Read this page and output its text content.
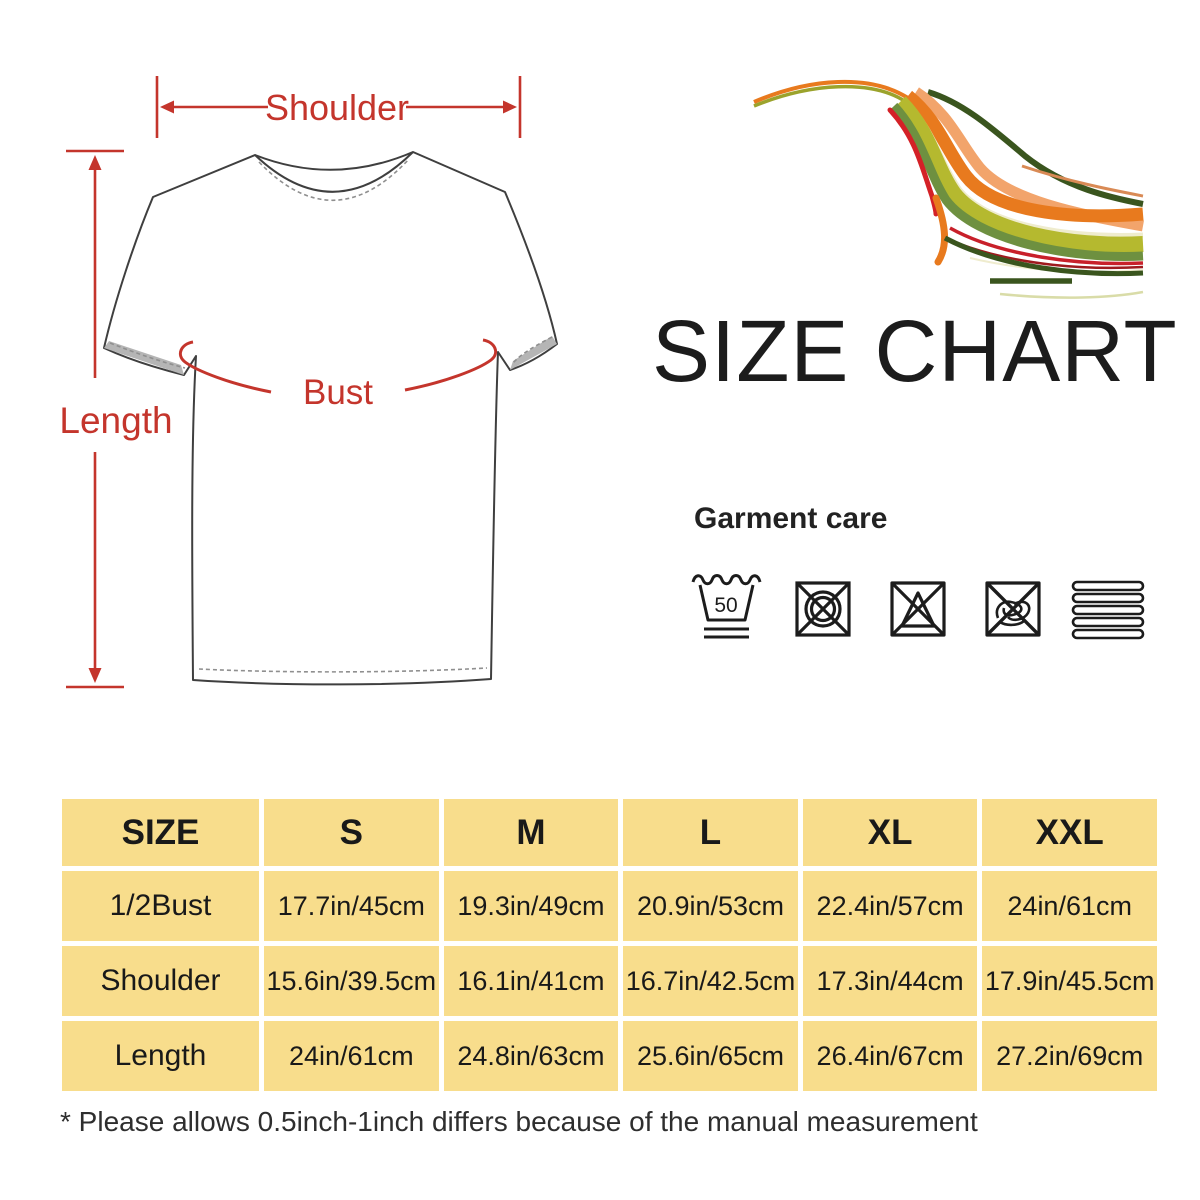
Shoulder
Length
Bust	SIZE CHART
Garment care
50
SIZE	S	M	L	XL	XXL
1/2Bust	17.7in/45cm	19.3in/49cm	20.9in/53cm	22.4in/57cm	24in/61cm
Shoulder	15.6in/39.5cm 16.1in/41cm 16.7in/42.5cm 17.3in/44cm 17.9in/45.5cm
Length	24in/61cm	24.8in/63cm	25.6in/65cm	26.4in/67cm	27.2in/69cm
* Please allows 0.5inch-1inch differs because of the manual measurement
